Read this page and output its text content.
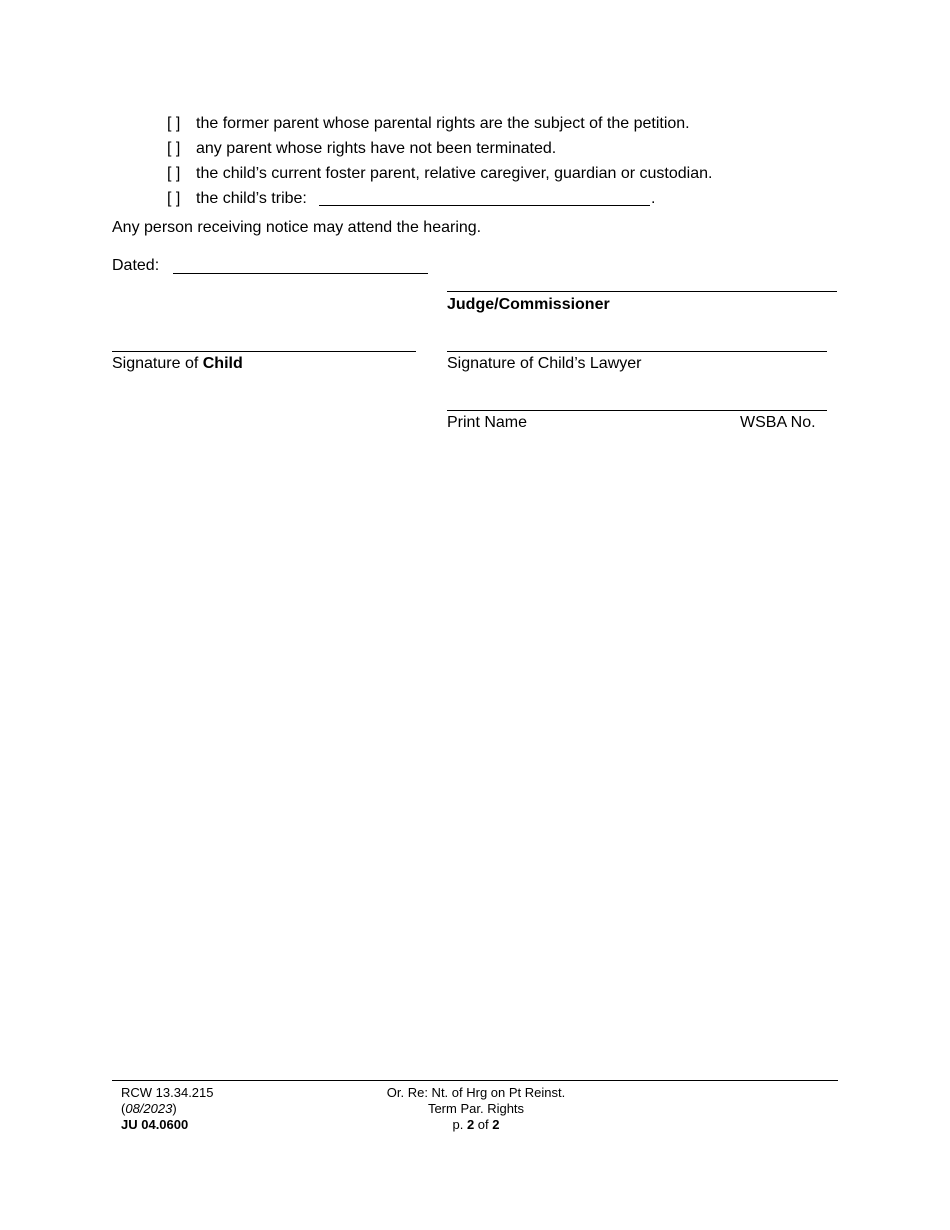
[ ] the former parent whose parental rights are the subject of the petition.
[ ] any parent whose rights have not been terminated.
[ ] the child’s current foster parent, relative caregiver, guardian or custodian.
[ ] the child’s tribe:	.
Any person receiving notice may attend the hearing.
Dated:
Judge/Commissioner
Signature of Child	Signature of Child’s Lawyer
Print Name	WSBA No.
RCW 13.34.215
(08/2023)
JU 04.0600
Or. Re: Nt. of Hrg on Pt Reinst.
Term Par. Rights
p. 2 of 2
